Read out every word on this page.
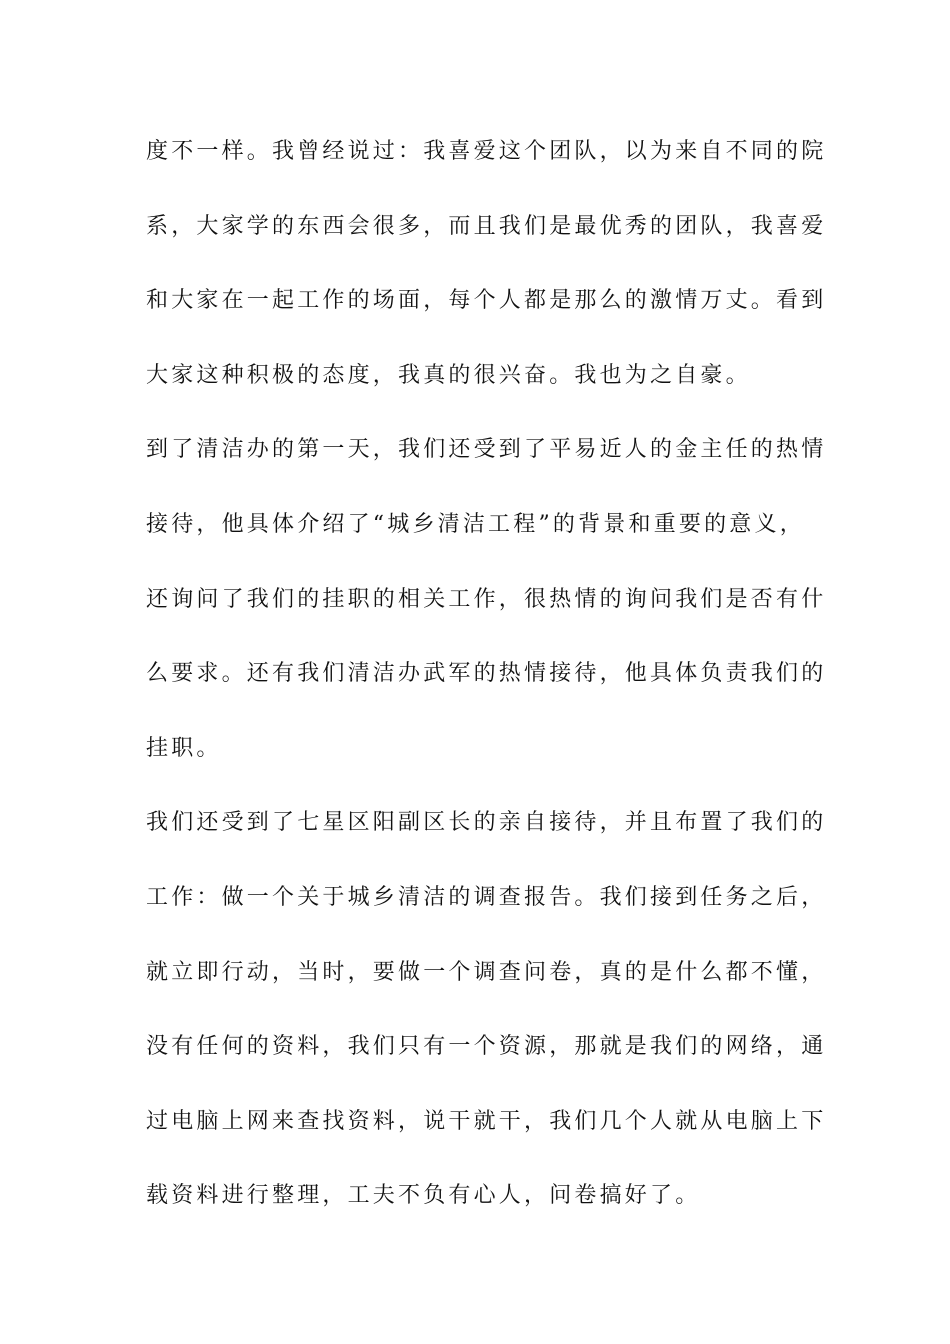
度不一样。我曾经说过：我喜爱这个团队，以为来自不同的院
系，大家学的东西会很多，而且我们是最优秀的团队，我喜爱
和大家在一起工作的场面，每个人都是那么的激情万丈。看到
大家这种积极的态度，我真的很兴奋。我也为之自豪。
到了清洁办的第一天，我们还受到了平易近人的金主任的热情
接待，他具体介绍了“城乡清洁工程”的背景和重要的意义，
还询问了我们的挂职的相关工作，很热情的询问我们是否有什
么要求。还有我们清洁办武军的热情接待，他具体负责我们的
挂职。
我们还受到了七星区阳副区长的亲自接待，并且布置了我们的
工作：做一个关于城乡清洁的调查报告。我们接到任务之后，
就立即行动，当时，要做一个调查问卷，真的是什么都不懂，
没有任何的资料，我们只有一个资源，那就是我们的网络，通
过电脑上网来查找资料，说干就干，我们几个人就从电脑上下
载资料进行整理，工夫不负有心人，问卷搞好了。
